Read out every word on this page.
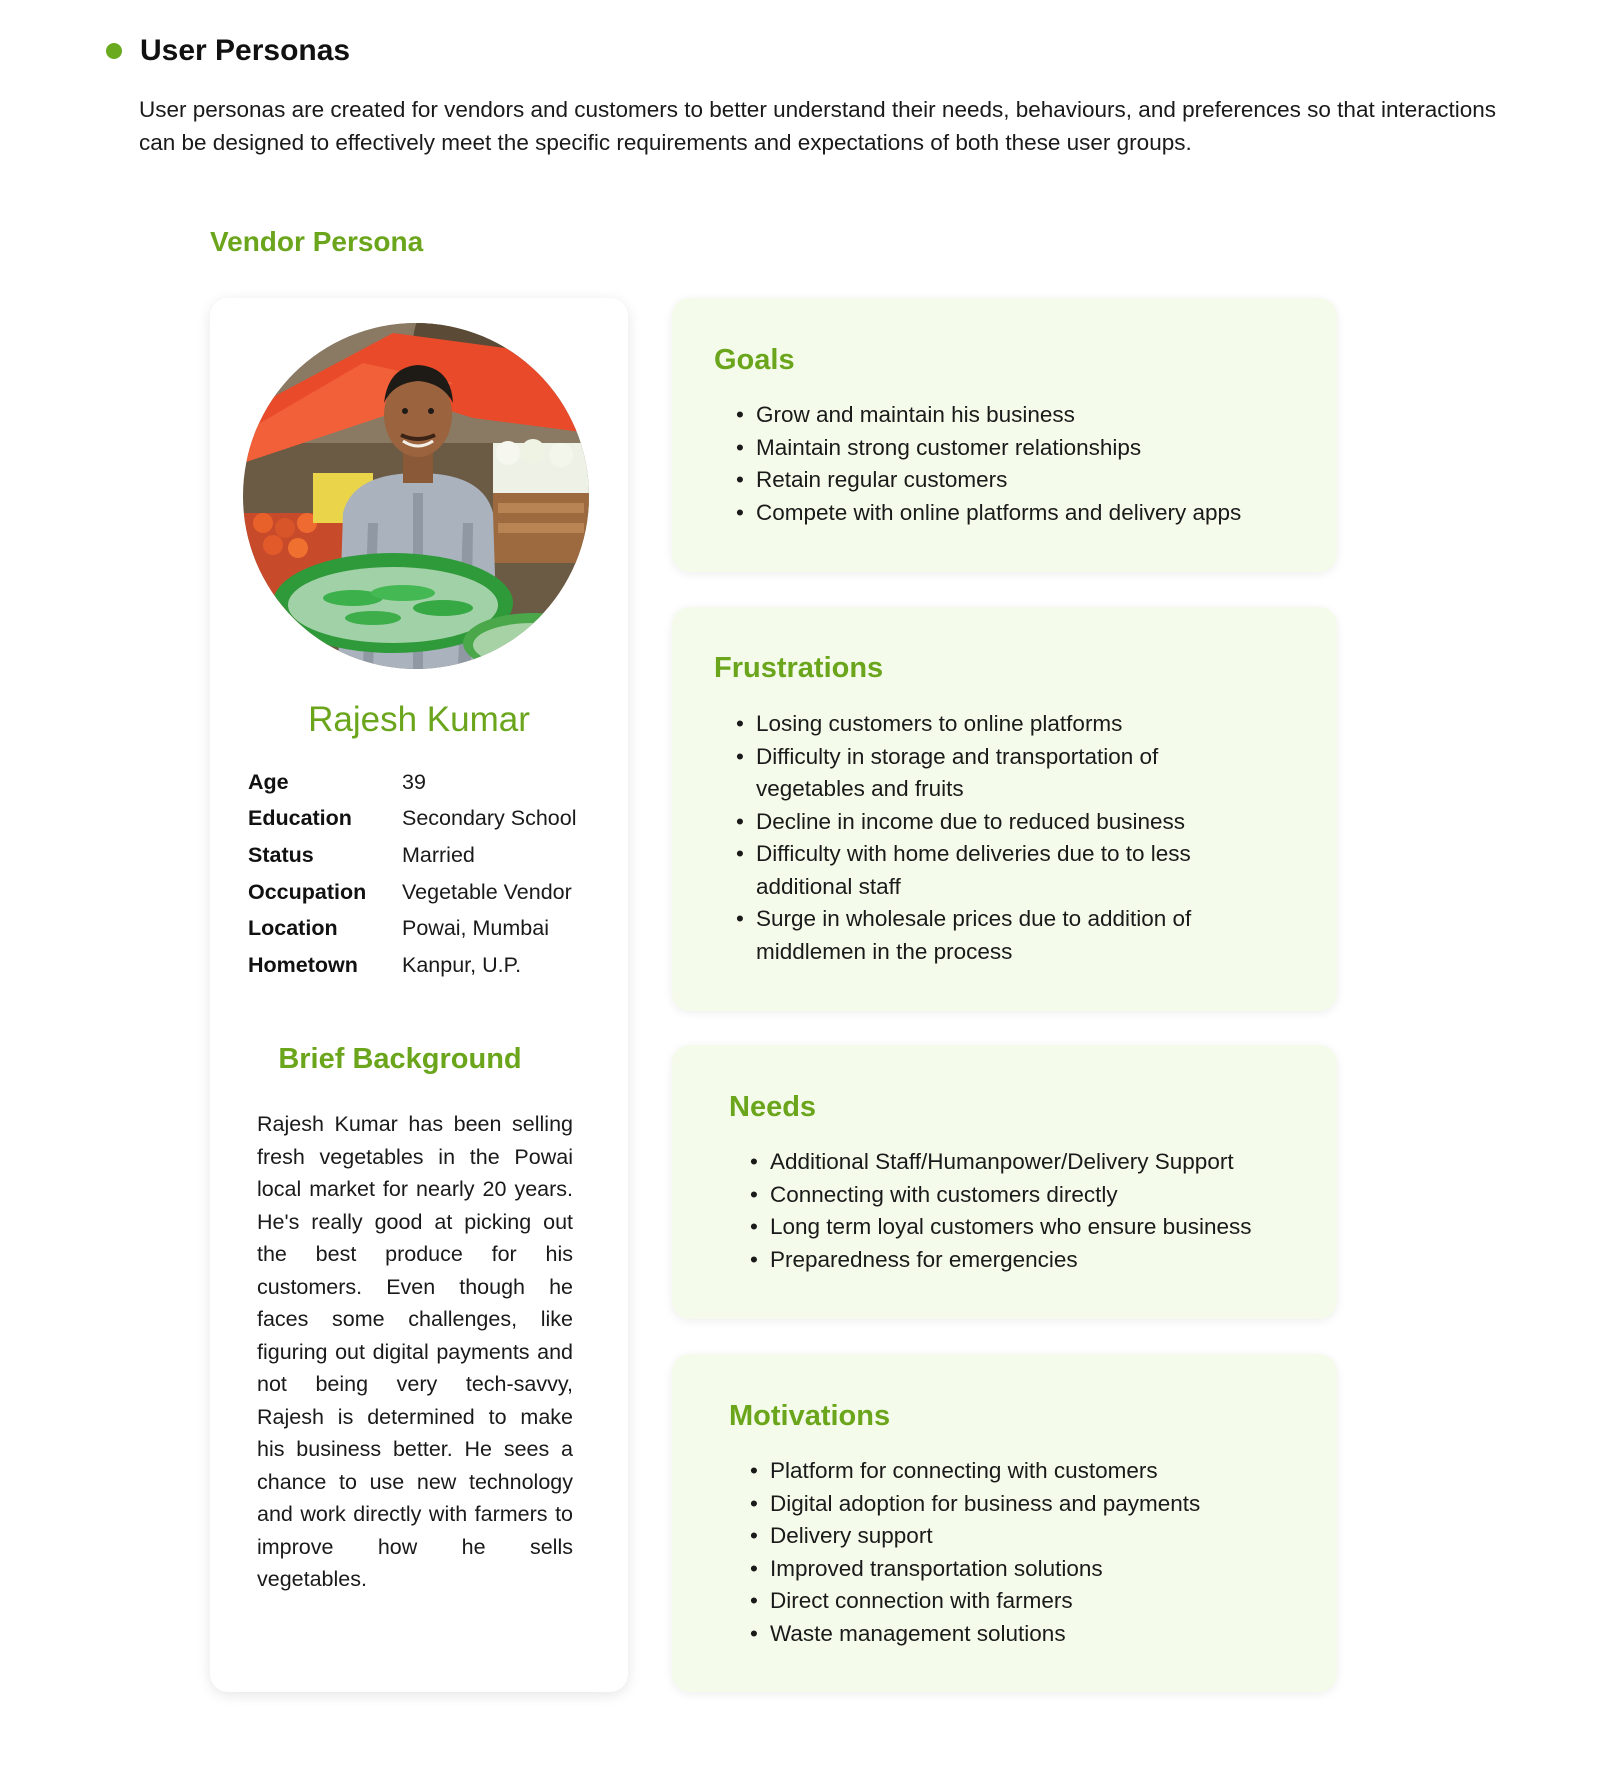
User Personas

User personas are created for vendors and customers to better understand their needs, behaviours, and preferences so that interactions can be designed to effectively meet the specific requirements and expectations of both these user groups.

Vendor Persona
Rajesh Kumar
Age	39
Education	Secondary School
Status	Married
Occupation	Vegetable Vendor
Location	Powai, Mumbai
Hometown	Kanpur, U.P.
Brief Background

Rajesh Kumar has been selling fresh vegetables in the Powai local market for nearly 20 years. He's really good at picking out the best produce for his customers. Even though he faces some challenges, like figuring out digital payments and not being very tech-savvy, Rajesh is determined to make his business better. He sees a chance to use new technology and work directly with farmers to improve how he sells vegetables.

Goals
• Grow and maintain his business
• Maintain strong customer relationships
• Retain regular customers
• Compete with online platforms and delivery apps
Frustrations
• Losing customers to online platforms
• Difficulty in storage and transportation of vegetables and fruits
• Decline in income due to reduced business
• Difficulty with home deliveries due to to less additional staff
• Surge in wholesale prices due to addition of middlemen in the process
Needs
• Additional Staff/Humanpower/Delivery Support
• Connecting with customers directly
• Long term loyal customers who ensure business
• Preparedness for emergencies
Motivations
• Platform for connecting with customers
• Digital adoption for business and payments
• Delivery support
• Improved transportation solutions
• Direct connection with farmers
• Waste management solutions
